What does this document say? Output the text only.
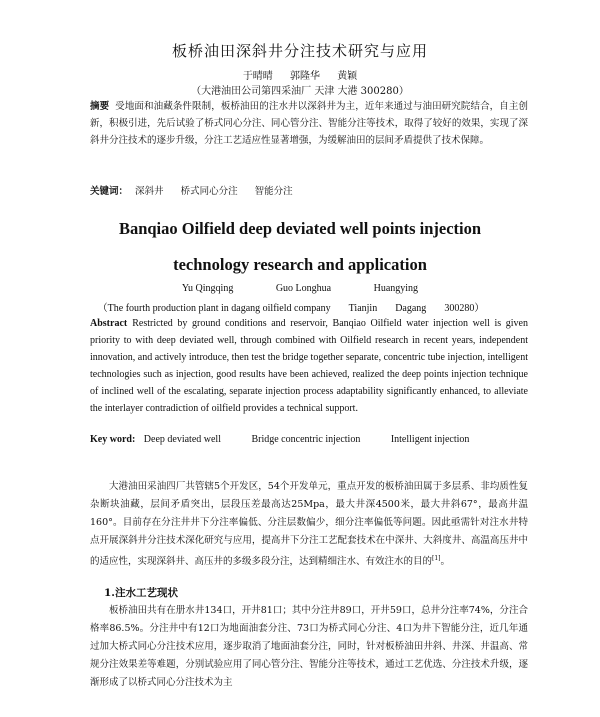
板桥油田深斜井分注技术研究与应用
于晴晴 郭隆华 黄颖
（大港油田公司第四采油厂 天津 大港 300280）
摘要 受地面和油藏条件限制，板桥油田的注水井以深斜井为主，近年来通过与油田研究院结合，自主创新，积极引进，先后试验了桥式同心分注、同心管分注、智能分注等技术，取得了较好的效果，实现了深斜井分注技术的逐步升级，分注工艺适应性显著增强，为缓解油田的层间矛盾提供了技术保障。
关键词： 深斜井 桥式同心分注 智能分注
Banqiao Oilfield deep deviated well points injection
technology research and application
Yu Qingqing	Guo Longhua	Huangying
（The fourth production plant in dagang oilfield company Tianjin Dagang 300280）
Abstract Restricted by ground conditions and reservoir, Banqiao Oilfield water injection well is given priority to with deep deviated well, through combined with Oilfield research in recent years, independent innovation, and actively introduce, then test the bridge together separate, concentric tube injection, intelligent technologies such as injection, good results have been achieved, realized the deep points injection technique of inclined well of the escalating, separate injection process adaptability significantly enhanced, to alleviate the interlayer contradiction of oilfield provides a technical support.
Key word: Deep deviated well	Bridge concentric injection	Intelligent injection
大港油田采油四厂共管辖5个开发区，54个开发单元，重点开发的板桥油田属于多层系、非均质性复杂断块油藏，层间矛盾突出，层段压差最高达25Mpa，最大井深4500米，最大井斜67°，最高井温160°。目前存在分注井井下分注率偏低、分注层数偏少，细分注率偏低等问题。因此亟需针对注水井特点开展深斜井分注技术深化研究与应用，提高井下分注工艺配套技术在中深井、大斜度井、高温高压井中的适应性，实现深斜井、高压井的多级多段分注，达到精细注水、有效注水的目的[1]。
1.注水工艺现状
板桥油田共有在册水井134口，开井81口；其中分注井89口，开井59口，总井分注率74%，分注合格率86.5%。分注井中有12口为地面油套分注、73口为桥式同心分注、4口为井下智能分注，近几年通过加大桥式同心分注技术应用，逐步取消了地面油套分注，同时，针对板桥油田井斜、井深、井温高、常规分注效果差等难题，分别试验应用了同心管分注、智能分注等技术，通过工艺优选、分注技术升级，逐渐形成了以桥式同心分注技术为主
